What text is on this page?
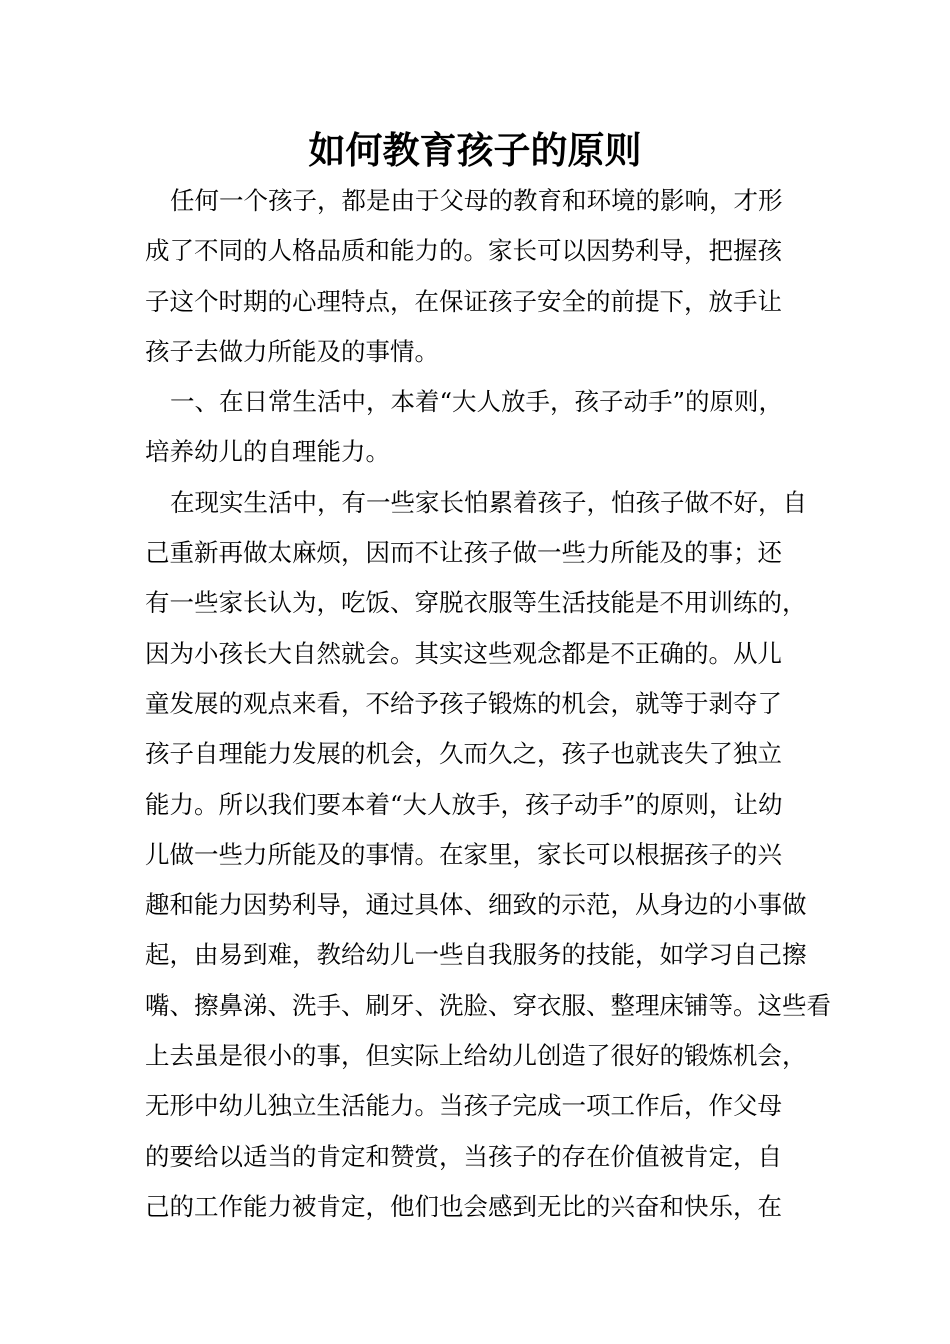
如何教育孩子的原则
任何一个孩子，都是由于父母的教育和环境的影响，才形
成了不同的人格品质和能力的。家长可以因势利导，把握孩
子这个时期的心理特点，在保证孩子安全的前提下，放手让
孩子去做力所能及的事情。
一、在日常生活中，本着“大人放手，孩子动手”的原则，
培养幼儿的自理能力。
在现实生活中，有一些家长怕累着孩子，怕孩子做不好，自
己重新再做太麻烦，因而不让孩子做一些力所能及的事；还
有一些家长认为，吃饭、穿脱衣服等生活技能是不用训练的，
因为小孩长大自然就会。其实这些观念都是不正确的。从儿
童发展的观点来看，不给予孩子锻炼的机会，就等于剥夺了
孩子自理能力发展的机会，久而久之，孩子也就丧失了独立
能力。所以我们要本着“大人放手，孩子动手”的原则，让幼
儿做一些力所能及的事情。在家里，家长可以根据孩子的兴
趣和能力因势利导，通过具体、细致的示范，从身边的小事做
起，由易到难，教给幼儿一些自我服务的技能，如学习自己擦
嘴、擦鼻涕、洗手、刷牙、洗脸、穿衣服、整理床铺等。这些看
上去虽是很小的事，但实际上给幼儿创造了很好的锻炼机会，
无形中幼儿独立生活能力。当孩子完成一项工作后，作父母
的要给以适当的肯定和赞赏，当孩子的存在价值被肯定，自
己的工作能力被肯定，他们也会感到无比的兴奋和快乐，在
